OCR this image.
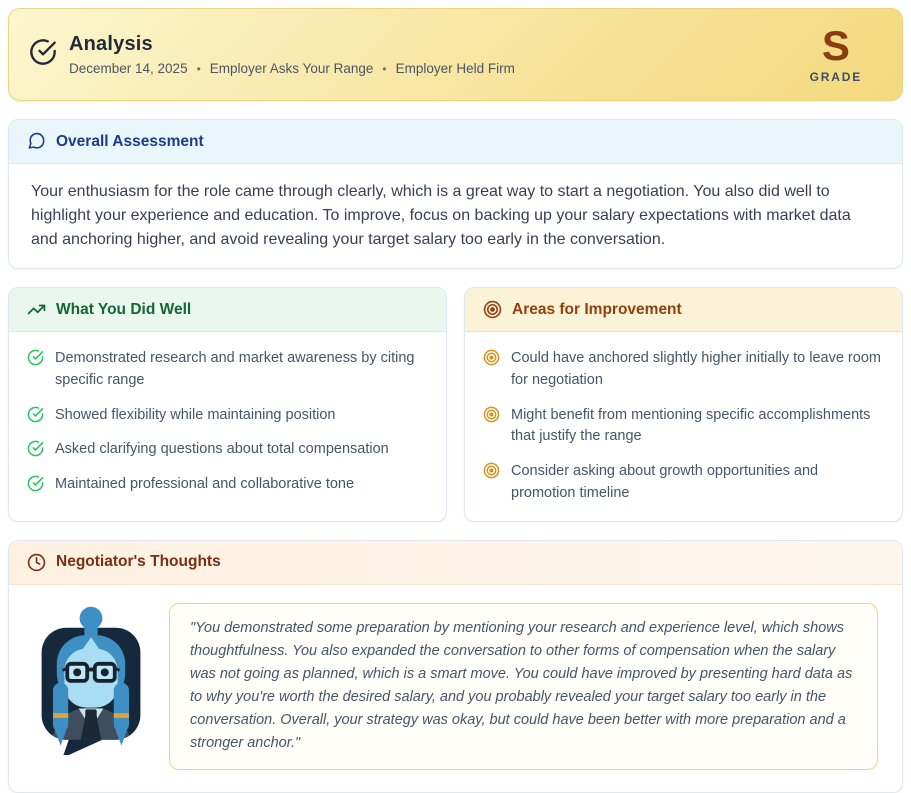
Analysis
December 14, 2025 • Employer Asks Your Range • Employer Held Firm	S
GRADE
Overall Assessment
Your enthusiasm for the role came through clearly, which is a great way to start a negotiation. You also did well to highlight your experience and education. To improve, focus on backing up your salary expectations with market data and anchoring higher, and avoid revealing your target salary too early in the conversation.
What You Did Well
Demonstrated research and market awareness by citing specific range
Showed flexibility while maintaining position
Asked clarifying questions about total compensation
Maintained professional and collaborative tone
Areas for Improvement
Could have anchored slightly higher initially to leave room for negotiation
Might benefit from mentioning specific accomplishments that justify the range
Consider asking about growth opportunities and promotion timeline
Negotiator's Thoughts
"You demonstrated some preparation by mentioning your research and experience level, which shows thoughtfulness. You also expanded the conversation to other forms of compensation when the salary was not going as planned, which is a smart move. You could have improved by presenting hard data as to why you're worth the desired salary, and you probably revealed your target salary too early in the conversation. Overall, your strategy was okay, but could have been better with more preparation and a stronger anchor."
